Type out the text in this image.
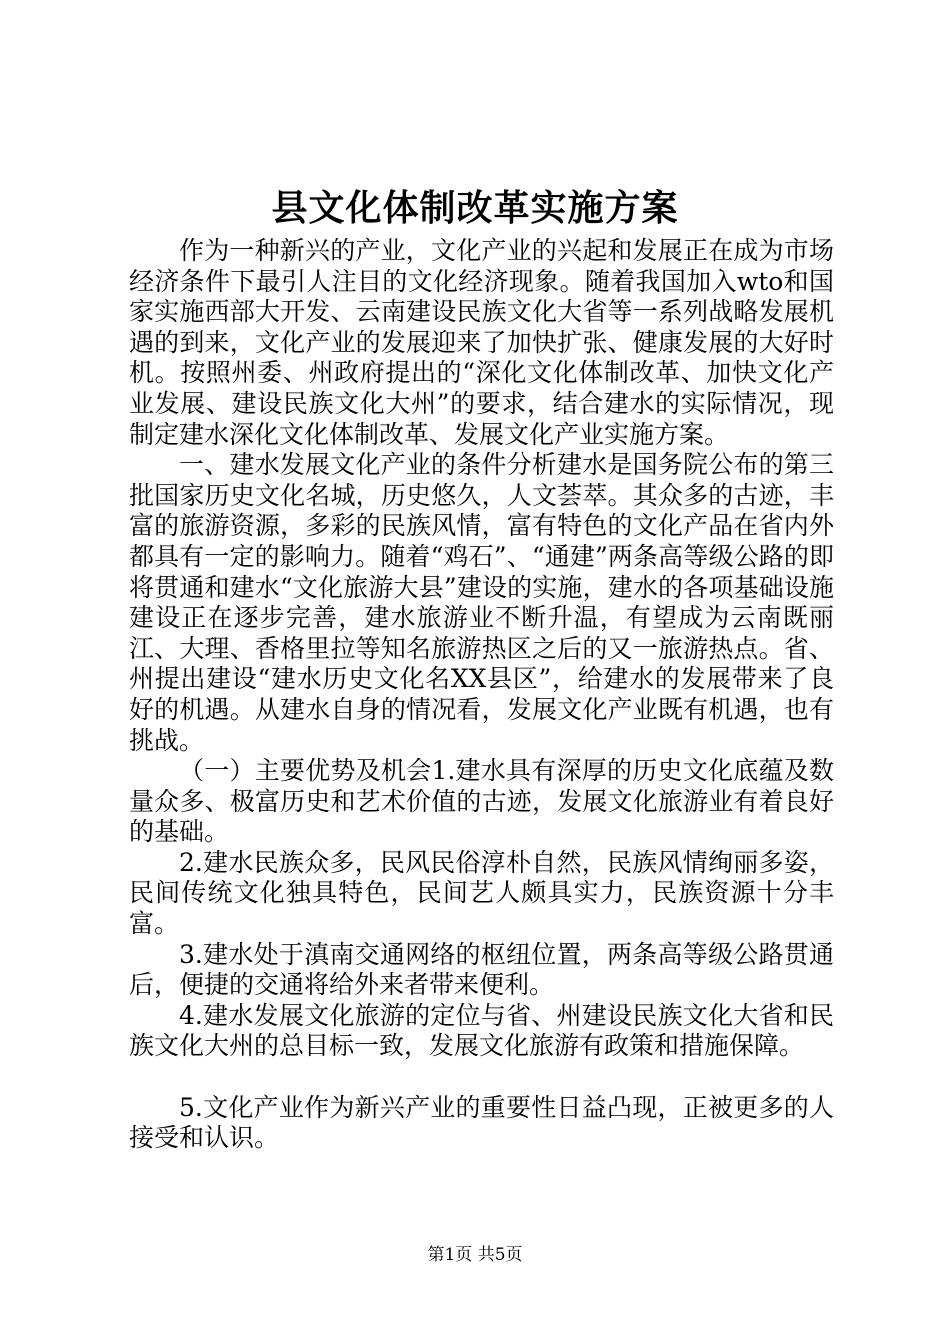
县文化体制改革实施方案

作为一种新兴的产业，文化产业的兴起和发展正在成为市场经济条件下最引人注目的文化经济现象。随着我国加入wto和国家实施西部大开发、云南建设民族文化大省等一系列战略发展机遇的到来，文化产业的发展迎来了加快扩张、健康发展的大好时机。按照州委、州政府提出的“深化文化体制改革、加快文化产业发展、建设民族文化大州”的要求，结合建水的实际情况，现制定建水深化文化体制改革、发展文化产业实施方案。

一、建水发展文化产业的条件分析建水是国务院公布的第三批国家历史文化名城，历史悠久，人文荟萃。其众多的古迹，丰富的旅游资源，多彩的民族风情，富有特色的文化产品在省内外都具有一定的影响力。随着“鸡石”、“通建”两条高等级公路的即将贯通和建水“文化旅游大县”建设的实施，建水的各项基础设施建设正在逐步完善，建水旅游业不断升温，有望成为云南既丽江、大理、香格里拉等知名旅游热区之后的又一旅游热点。省、州提出建设“建水历史文化名XX县区”，给建水的发展带来了良好的机遇。从建水自身的情况看，发展文化产业既有机遇，也有挑战。

（一）主要优势及机会1.建水具有深厚的历史文化底蕴及数量众多、极富历史和艺术价值的古迹，发展文化旅游业有着良好的基础。

2.建水民族众多，民风民俗淳朴自然，民族风情绚丽多姿，民间传统文化独具特色，民间艺人颇具实力，民族资源十分丰富。

3.建水处于滇南交通网络的枢纽位置，两条高等级公路贯通后，便捷的交通将给外来者带来便利。

4.建水发展文化旅游的定位与省、州建设民族文化大省和民族文化大州的总目标一致，发展文化旅游有政策和措施保障。

5.文化产业作为新兴产业的重要性日益凸现，正被更多的人接受和认识。

第1页 共5页
